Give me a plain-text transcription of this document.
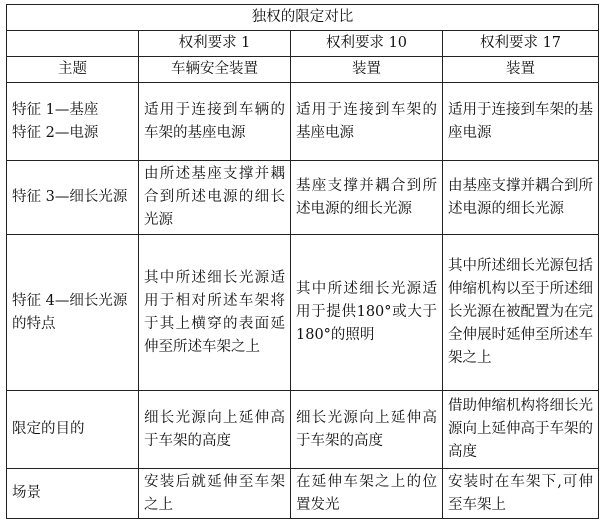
独权的限定对比			
	权利要求 1	权利要求 10	权利要求 17
主题	车辆安全装置	装置	装置

特征 1—基座
特征 2—电源	适用于连接到车辆的车架的基座电源	适用于连接到车架的基座电源	适用于连接到车架的基座电源
特征 3—细长光源	由所述基座支撑并耦合到所述电源的细长光源	基座支撑并耦合到所述电源的细长光源	由基座支撑并耦合到所述电源的细长光源
特征 4—细长光源的特点	其中所述细长光源适用于相对所述车架将于其上横穿的表面延伸至所述车架之上	其中所述细长光源适用于提供180°或大于180°的照明	其中所述细长光源包括伸缩机构以至于所述细长光源在被配置为在完全伸展时延伸至所述车架之上
限定的目的	细长光源向上延伸高于车架的高度	细长光源向上延伸高于车架的高度	借助伸缩机构将细长光源向上延伸高于车架的高度
场景	安装后就延伸至车架之上	在延伸车架之上的位置发光	安装时在车架下,可伸至车架上
